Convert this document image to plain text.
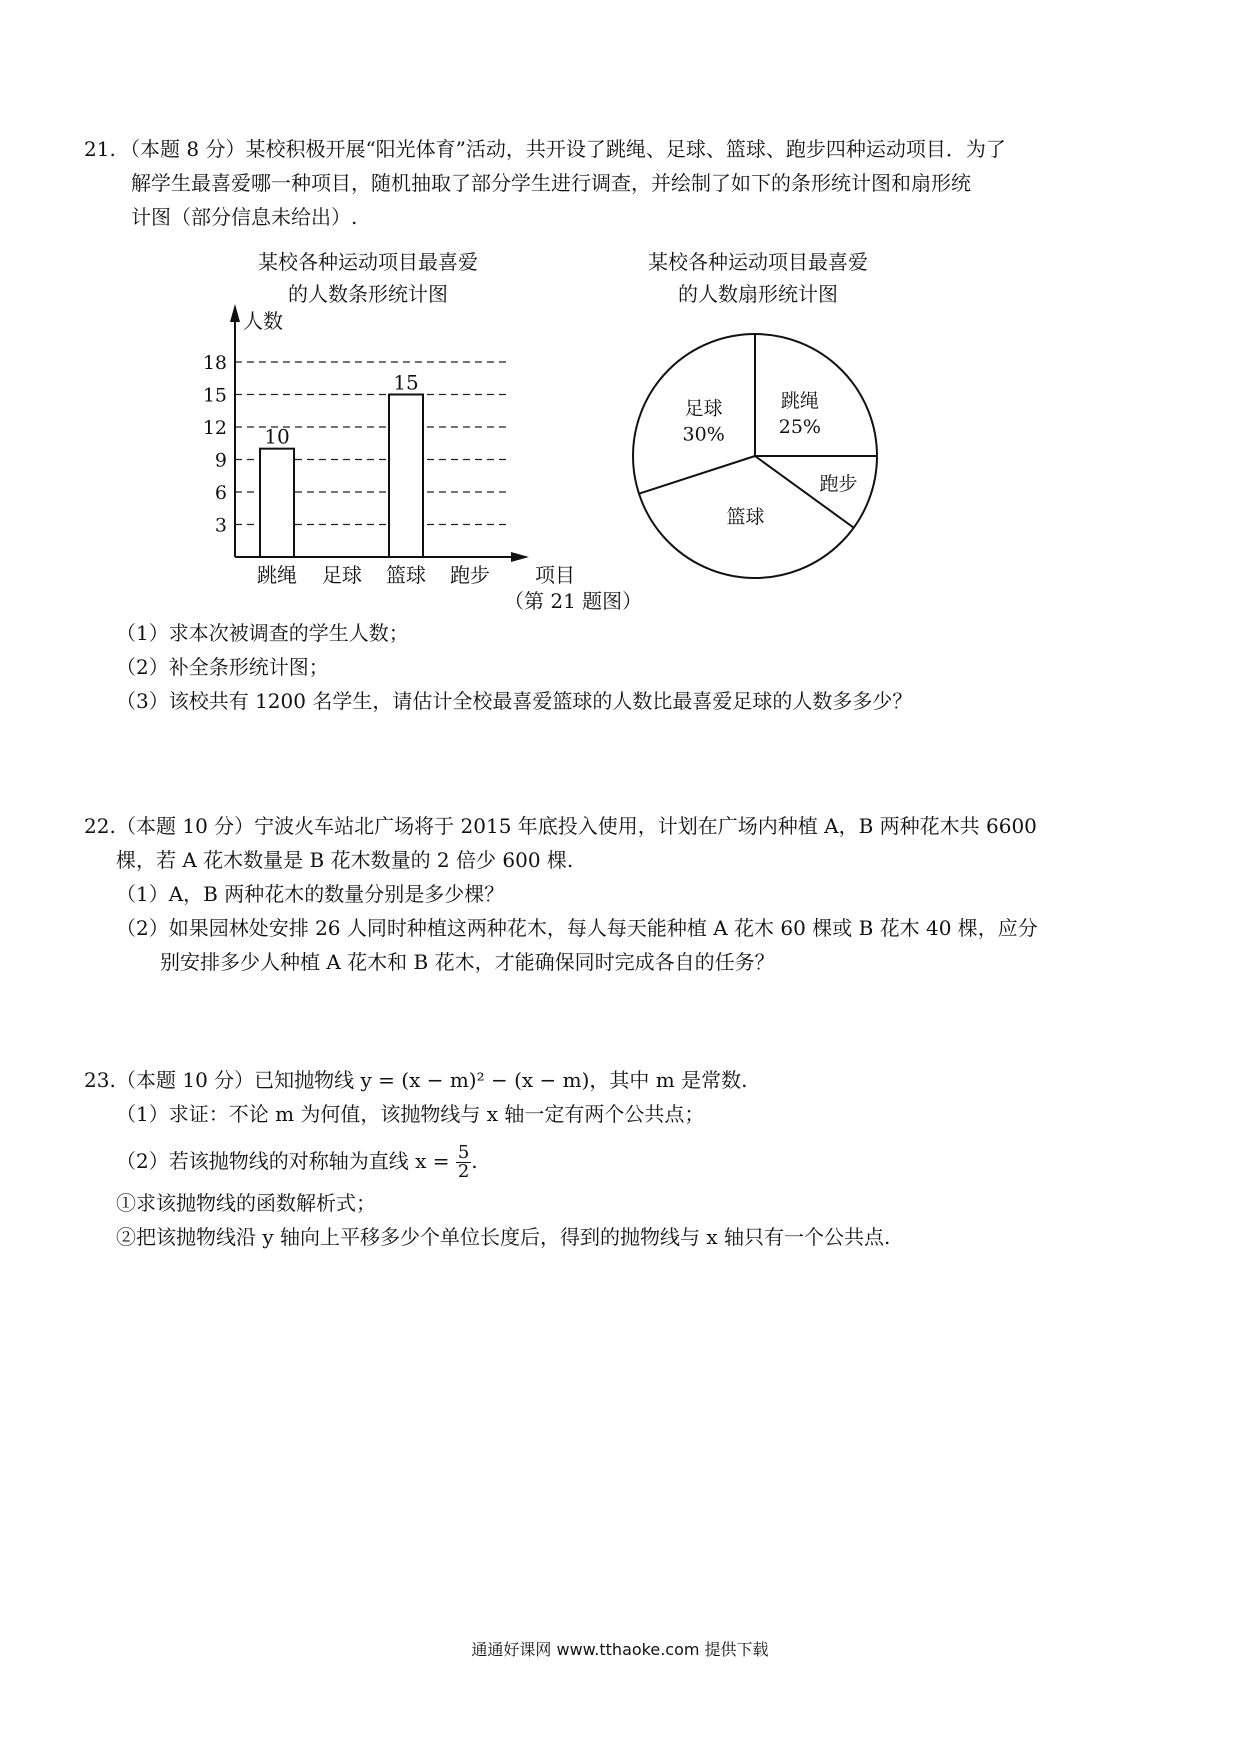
21. （本题 8 分）某校积极开展“阳光体育”活动，共开设了跳绳、足球、篮球、跑步四种运动项目．为了
解学生最喜爱哪一种项目，随机抽取了部分学生进行调查，并绘制了如下的条形统计图和扇形统
计图（部分信息未给出）.
某校各种运动项目最喜爱
的人数条形统计图
3
6
9
12
15
18
人数
项目
跳绳
10
足球 篮球
15
跑步
某校各种运动项目最喜爱
的人数扇形统计图
跳绳
25%
跑步
篮球
足球
30%
（第 21 题图）
（1）求本次被调查的学生人数；
（2）补全条形统计图；
（3）该校共有 1200 名学生，请估计全校最喜爱篮球的人数比最喜爱足球的人数多多少？
22. （本题 10 分）宁波火车站北广场将于 2015 年底投入使用，计划在广场内种植 A，B 两种花木共 6600
棵，若 A 花木数量是 B 花木数量的 2 倍少 600 棵.
（1）A，B 两种花木的数量分别是多少棵？
（2）如果园林处安排 26 人同时种植这两种花木，每人每天能种植 A 花木 60 棵或 B 花木 40 棵，应分
别安排多少人种植 A 花木和 B 花木，才能确保同时完成各自的任务？
23. （本题 10 分）已知抛物线 y = (x − m)² − (x − m)，其中 m 是常数.
（1）求证：不论 m 为何值，该抛物线与 x 轴一定有两个公共点；
（2）若该抛物线的对称轴为直线 $x = \frac{5}{2}$ .
①求该抛物线的函数解析式；
②把该抛物线沿 y 轴向上平移多少个单位长度后，得到的抛物线与 x 轴只有一个公共点.
通通好课网 www.tthaoke.com 提供下载
